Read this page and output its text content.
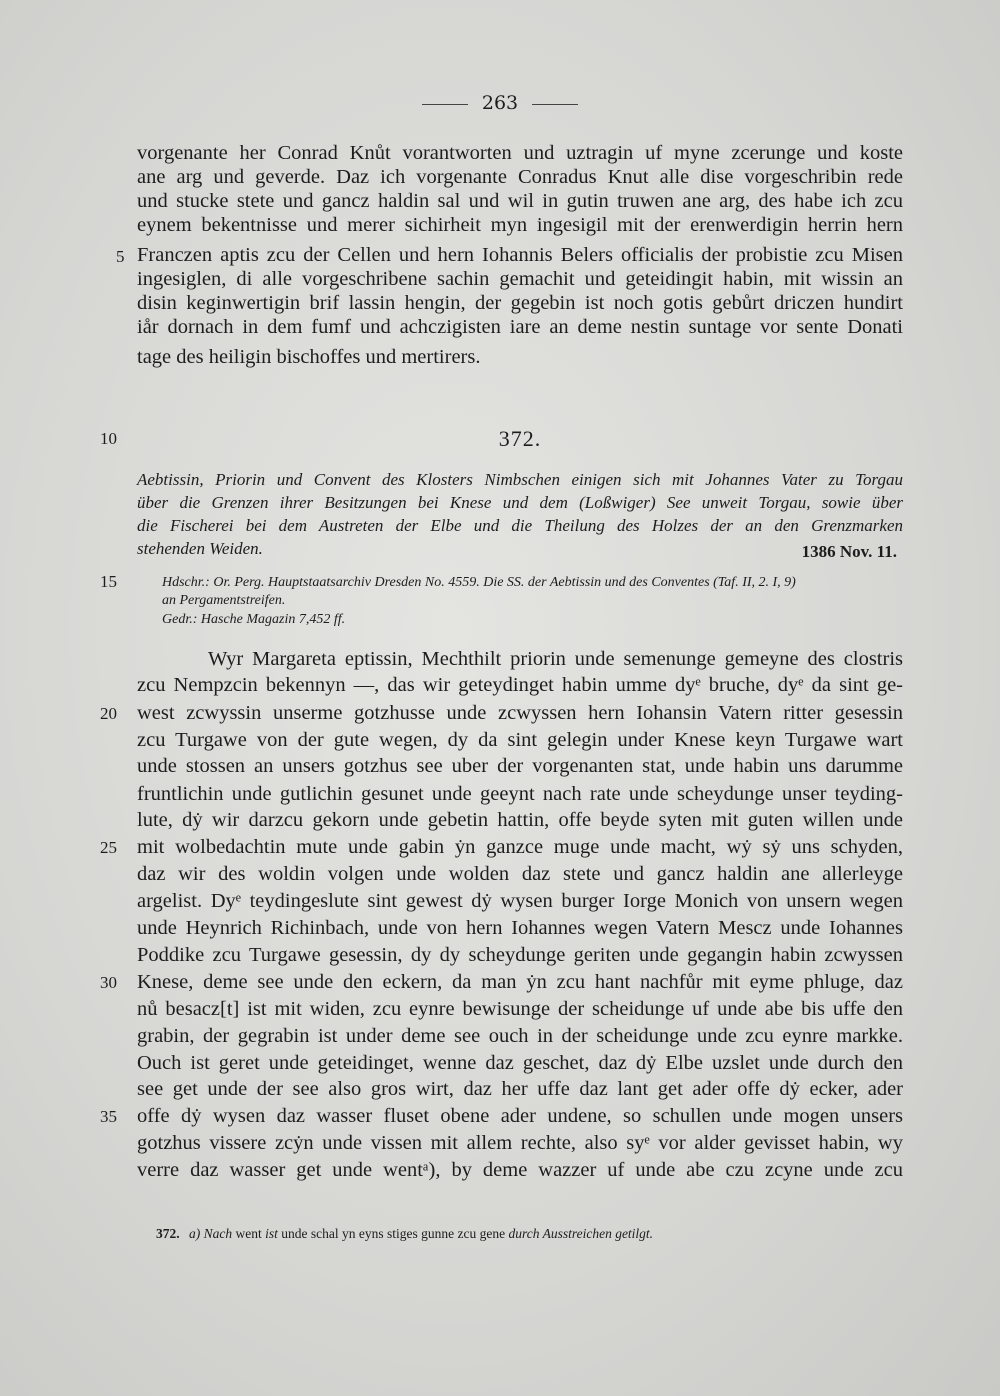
263
vorgenante her Conrad Knůt vorantworten und uztragin uf myne zcerunge und koste
ane arg und geverde. Daz ich vorgenante Conradus Knut alle dise vorgeschribin rede
und stucke stete und gancz haldin sal und wil in gutin truwen ane arg, des habe ich zcu
eynem bekentnisse und merer sichirheit myn ingesigil mit der erenwerdigin herrin hern
Franczen aptis zcu der Cellen und hern Iohannis Belers officialis der probistie zcu Misen
ingesiglen, di alle vorgeschribene sachin gemachit und geteidingit habin, mit wissin an
disin keginwertigin brif lassin hengin, der gegebin ist noch gotis gebůrt driczen hundirt
iår dornach in dem fumf und achczigisten iare an deme nestin suntage vor sente Donati
tage des heiligin bischoffes und mertirers.
5
10	372.
Aebtissin, Priorin und Convent des Klosters Nimbschen einigen sich mit Johannes Vater zu Torgau
über die Grenzen ihrer Besitzungen bei Knese und dem (Loßwiger) See unweit Torgau, sowie über
die Fischerei bei dem Austreten der Elbe und die Theilung des Holzes der an den Grenzmarken
stehenden Weiden.	1386 Nov. 11.
15	Hdschr.: Or. Perg. Hauptstaatsarchiv Dresden No. 4559. Die SS. der Aebtissin und des Conventes (Taf. II, 2. I, 9)
an Pergamentstreifen.
Gedr.: Hasche Magazin 7,452 ff.
Wyr Margareta eptissin, Mechthilt priorin unde semenunge gemeyne des clostris
zcu Nempzcin bekennyn —, das wir geteydinget habin umme dyᵉ bruche, dyᵉ da sint ge-
west zcwyssin unserme gotzhusse unde zcwyssen hern Iohansin Vatern ritter gesessin
zcu Turgawe von der gute wegen, dy da sint gelegin under Knese keyn Turgawe wart
unde stossen an unsers gotzhus see uber der vorgenanten stat, unde habin uns darumme
fruntlichin unde gutlichin gesunet unde geeynt nach rate unde scheydunge unser teyding-
lute, dẏ wir darzcu gekorn unde gebetin hattin, offe beyde syten mit guten willen unde
mit wolbedachtin mute unde gabin ẏn ganzce muge unde macht, wẏ sẏ uns schyden,
daz wir des woldin volgen unde wolden daz stete und gancz haldin ane allerleyge
argelist. Dyᵉ teydingeslute sint gewest dẏ wysen burger Iorge Monich von unsern wegen
unde Heynrich Richinbach, unde von hern Iohannes wegen Vatern Mescz unde Iohannes
Poddike zcu Turgawe gesessin, dy dy scheydunge geriten unde gegangin habin zcwyssen
Knese, deme see unde den eckern, da man ẏn zcu hant nachfůr mit eyme phluge, daz
nů besacz[t] ist mit widen, zcu eynre bewisunge der scheidunge uf unde abe bis uffe den
grabin, der gegrabin ist under deme see ouch in der scheidunge unde zcu eynre markke.
Ouch ist geret unde geteidinget, wenne daz geschet, daz dẏ Elbe uzslet unde durch den
see get unde der see also gros wirt, daz her uffe daz lant get ader offe dẏ ecker, ader
offe dẏ wysen daz wasser fluset obene ader undene, so schullen unde mogen unsers
gotzhus vissere zcẏn unde vissen mit allem rechte, also syᵉ vor alder gevisset habin, wy
verre daz wasser get unde wentᵃ), by deme wazzer uf unde abe czu zcyne unde zcu
20
25
30
35
372. a) Nach went ist unde schal yn eyns stiges gunne zcu gene durch Ausstreichen getilgt.
